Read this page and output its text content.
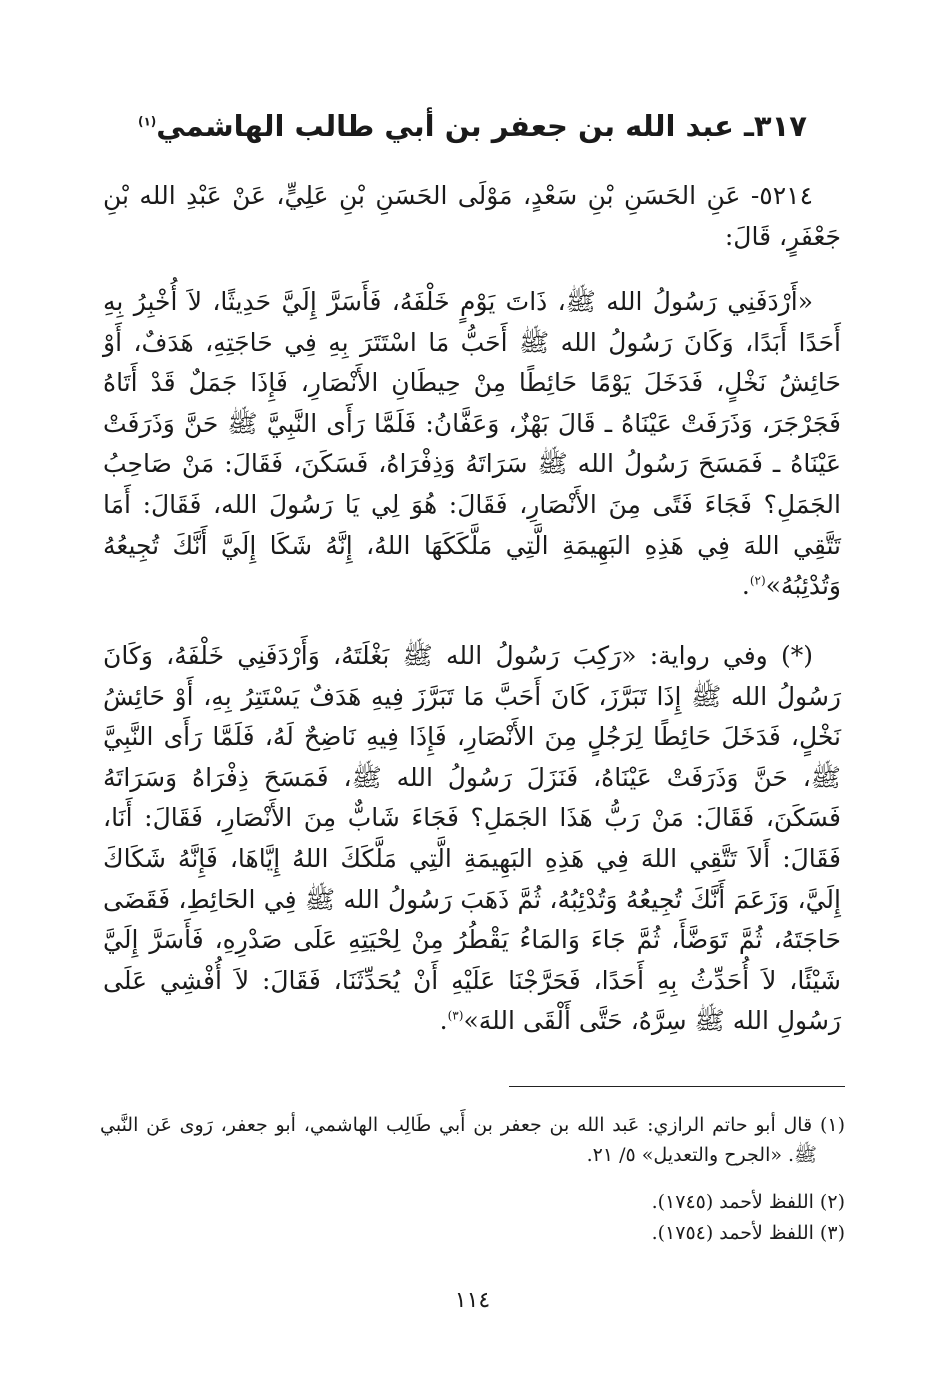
٣١٧ـ عبد الله بن جعفر بن أبي طالب الهاشمي$^{(١)}$

٥٢١٤- عَنِ الحَسَنِ بْنِ سَعْدٍ، مَوْلَى الحَسَنِ بْنِ عَلِيٍّ، عَنْ عَبْدِ الله بْنِ جَعْفَرٍ، قَالَ:

«أَرْدَفَنِي رَسُولُ الله ﷺ، ذَاتَ يَوْمٍ خَلْفَهُ، فَأَسَرَّ إِلَيَّ حَدِيثًا، لاَ أُخْبِرُ بِهِ أَحَدًا أَبَدًا، وَكَانَ رَسُولُ الله ﷺ أَحَبُّ مَا اسْتَتَرَ بِهِ فِي حَاجَتِهِ، هَدَفٌ، أَوْ حَائِشُ نَخْلٍ، فَدَخَلَ يَوْمًا حَائِطًا مِنْ حِيطَانِ الأَنْصَارِ، فَإِذَا جَمَلٌ قَدْ أَتَاهُ فَجَرْجَرَ، وَذَرَفَتْ عَيْنَاهُ ـ قَالَ بَهْزٌ، وَعَفَّانُ: فَلَمَّا رَأَى النَّبِيَّ ﷺ حَنَّ وَذَرَفَتْ عَيْنَاهُ ـ فَمَسَحَ رَسُولُ الله ﷺ سَرَاتَهُ وَذِفْرَاهُ، فَسَكَنَ، فَقَالَ: مَنْ صَاحِبُ الجَمَلِ؟ فَجَاءَ فَتًى مِنَ الأَنْصَارِ، فَقَالَ: هُوَ لِي يَا رَسُولَ الله، فَقَالَ: أَمَا تَتَّقِي اللهَ فِي هَذِهِ البَهِيمَةِ الَّتِي مَلَّكَكَهَا اللهُ، إِنَّهُ شَكَا إِلَيَّ أَنَّكَ تُجِيعُهُ وَتُدْئِبُهُ»$^{(٢)}$.

(*) وفي رواية: «رَكِبَ رَسُولُ الله ﷺ بَغْلَتَهُ، وَأَرْدَفَنِي خَلْفَهُ، وَكَانَ رَسُولُ الله ﷺ إِذَا تَبَرَّزَ، كَانَ أَحَبَّ مَا تَبَرَّزَ فِيهِ هَدَفٌ يَسْتَتِرُ بِهِ، أَوْ حَائِشُ نَخْلٍ، فَدَخَلَ حَائِطًا لِرَجُلٍ مِنَ الأَنْصَارِ، فَإِذَا فِيهِ نَاضِحٌ لَهُ، فَلَمَّا رَأَى النَّبِيَّ ﷺ، حَنَّ وَذَرَفَتْ عَيْنَاهُ، فَنَزَلَ رَسُولُ الله ﷺ، فَمَسَحَ ذِفْرَاهُ وَسَرَاتَهُ فَسَكَنَ، فَقَالَ: مَنْ رَبُّ هَذَا الجَمَلِ؟ فَجَاءَ شَابٌّ مِنَ الأَنْصَارِ، فَقَالَ: أَنَا، فَقَالَ: أَلاَ تَتَّقِي اللهَ فِي هَذِهِ البَهِيمَةِ الَّتِي مَلَّكَكَ اللهُ إِيَّاهَا، فَإِنَّهُ شَكَاكَ إِلَيَّ، وَزَعَمَ أَنَّكَ تُجِيعُهُ وَتُدْئِبُهُ، ثُمَّ ذَهَبَ رَسُولُ الله ﷺ فِي الحَائِطِ، فَقَضَى حَاجَتَهُ، ثُمَّ تَوَضَّأَ، ثُمَّ جَاءَ وَالمَاءُ يَقْطُرُ مِنْ لِحْيَتِهِ عَلَى صَدْرِهِ، فَأَسَرَّ إِلَيَّ شَيْئًا، لاَ أُحَدِّثُ بِهِ أَحَدًا، فَحَرَّجْنَا عَلَيْهِ أَنْ يُحَدِّثَنَا، فَقَالَ: لاَ أُفْشِي عَلَى رَسُولِ الله ﷺ سِرَّهُ، حَتَّى أَلْقَى اللهَ»$^{(٣)}$.

(١) قال أبو حاتم الرازي: عَبد الله بن جعفر بن أَبي طَالِب الهاشمي، أبو جعفر، رَوى عَن النَّبي ﷺ. «الجرح والتعديل» ٥/ ٢١.
(٢) اللفظ لأحمد (١٧٤٥).
(٣) اللفظ لأحمد (١٧٥٤).
١١٤
